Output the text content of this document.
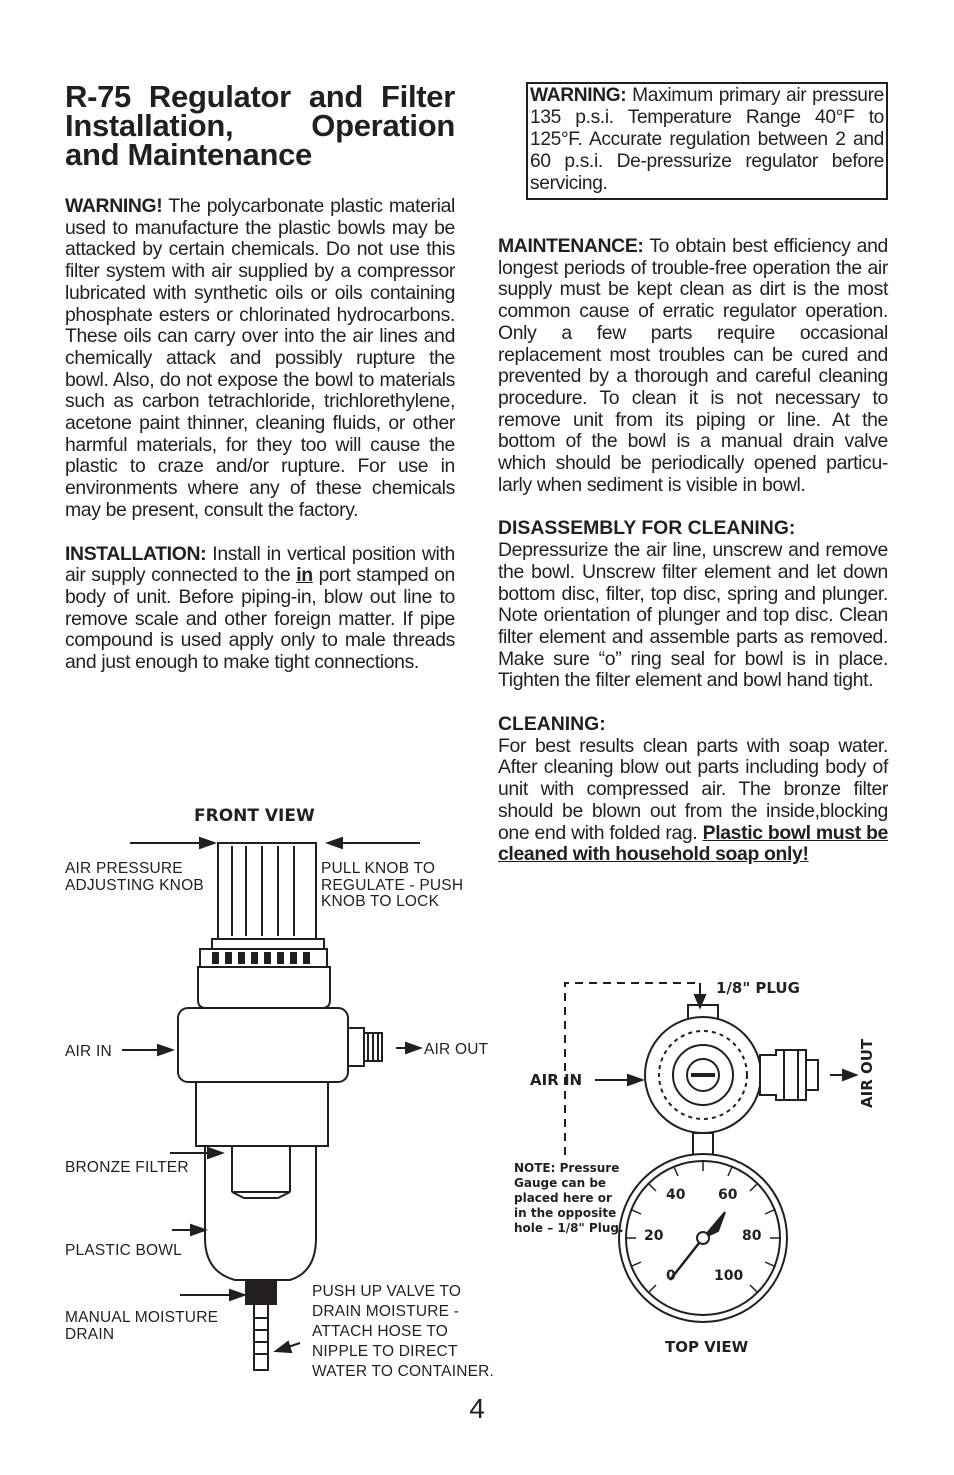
R-75 Regulator and Filter
Installation, Operation
and Maintenance

WARNING! The polycarbonate plastic material used to manufacture the plastic bowls may be attacked by certain chemicals. Do not use this filter system with air supplied by a compressor lubricated with synthetic oils or oils containing phosphate esters or chlorinated hydrocarbons. These oils can carry over into the air lines and chemically attack and possibly rupture the bowl. Also, do not expose the bowl to materials such as carbon tetrachloride, trichlorethylene, acetone paint thinner, cleaning fluids, or other harmful materials, for they too will cause the plastic to craze and/or rupture. For use in environments where any of these chemicals may be present, consult the factory.

INSTALLATION: Install in vertical position with air supply connected to the in port stamped on body of unit. Before piping-in, blow out line to remove scale and other foreign matter. If pipe compound is used apply only to male threads and just enough to make tight connections.

WARNING: Maximum primary air pressure 135 p.s.i. Temperature Range 40°F to 125°F. Accurate regulation between 2 and 60 p.s.i. De-pressurize regulator before servicing.

MAINTENANCE: To obtain best efficiency and longest periods of trouble-free operation the air supply must be kept clean as dirt is the most common cause of erratic regulator operation. Only a few parts require occasional replacement most troubles can be cured and prevented by a thorough and careful cleaning procedure. To clean it is not necessary to remove unit from its piping or line. At the bottom of the bowl is a manual drain valve which should be periodically opened particu-larly when sediment is visible in bowl.

DISASSEMBLY FOR CLEANING:

Depressurize the air line, unscrew and remove the bowl. Unscrew filter element and let down bottom disc, filter, top disc, spring and plunger. Note orientation of plunger and top disc. Clean filter element and assemble parts as removed. Make sure “o” ring seal for bowl is in place. Tighten the filter element and bowl hand tight.

CLEANING:

For best results clean parts with soap water. After cleaning blow out parts including body of unit with compressed air. The bronze filter should be blown out from the inside,blocking one end with folded rag. Plastic bowl must be cleaned with household soap only!

FRONT VIEW
AIR PRESSURE ADJUSTING KNOB
PULL KNOB TO REGULATE - PUSH KNOB TO LOCK
AIR IN	AIR OUT
BRONZE FILTER
PLASTIC BOWL
MANUAL MOISTURE DRAIN
PUSH UP VALVE TO DRAIN MOISTURE - ATTACH HOSE TO NIPPLE TO DIRECT WATER TO CONTAINER.
1/8" PLUG
AIR IN	AIR OUT
NOTE: Pressure Gauge can be placed here or in the opposite hole – 1/8" Plug.
TOP VIEW
0
20
40 60
80
100
4
